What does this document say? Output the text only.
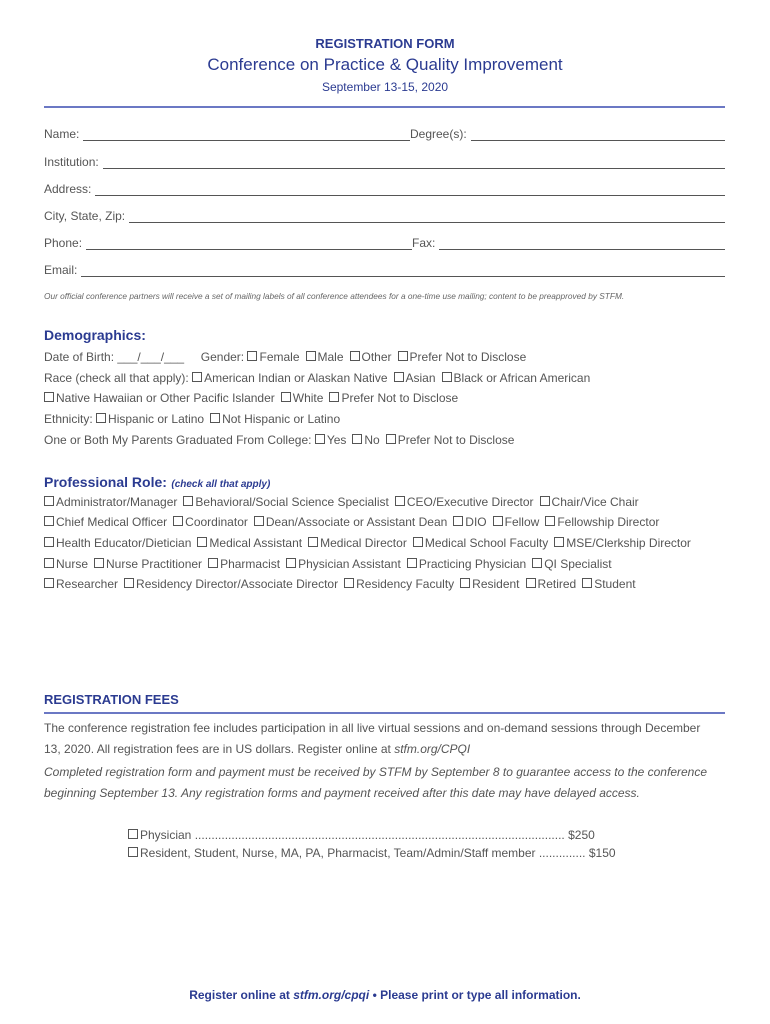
REGISTRATION FORM
Conference on Practice & Quality Improvement
September 13-15, 2020
Name:	Degree(s):
Institution:
Address:
City, State, Zip:
Phone:	Fax:
Email:
Our official conference partners will receive a set of mailing labels of all conference attendees for a one-time use mailing; content to be preapproved by STFM.
Demographics:
Date of Birth: ___/___/___ Gender: Female Male Other Prefer Not to Disclose
Race (check all that apply): American Indian or Alaskan Native Asian Black or African American
Native Hawaiian or Other Pacific Islander White Prefer Not to Disclose
Ethnicity: Hispanic or Latino Not Hispanic or Latino
One or Both My Parents Graduated From College: Yes No Prefer Not to Disclose
Professional Role: (check all that apply)
Administrator/Manager Behavioral/Social Science Specialist CEO/Executive Director Chair/Vice Chair
Chief Medical Officer Coordinator Dean/Associate or Assistant Dean DIO Fellow Fellowship Director
Health Educator/Dietician Medical Assistant Medical Director Medical School Faculty MSE/Clerkship Director
Nurse Nurse Practitioner Pharmacist Physician Assistant Practicing Physician QI Specialist
Researcher Residency Director/Associate Director Residency Faculty Resident Retired Student
REGISTRATION FEES
The conference registration fee includes participation in all live virtual sessions and on-demand sessions through December
13, 2020. All registration fees are in US dollars. Register online at stfm.org/CPQI
Completed registration form and payment must be received by STFM by September 8 to guarantee access to the conference
beginning September 13. Any registration forms and payment received after this date may have delayed access.
Physician ............................................................................................................... $250
Resident, Student, Nurse, MA, PA, Pharmacist, Team/Admin/Staff member .............. $150
Register online at stfm.org/cpqi • Please print or type all information.
